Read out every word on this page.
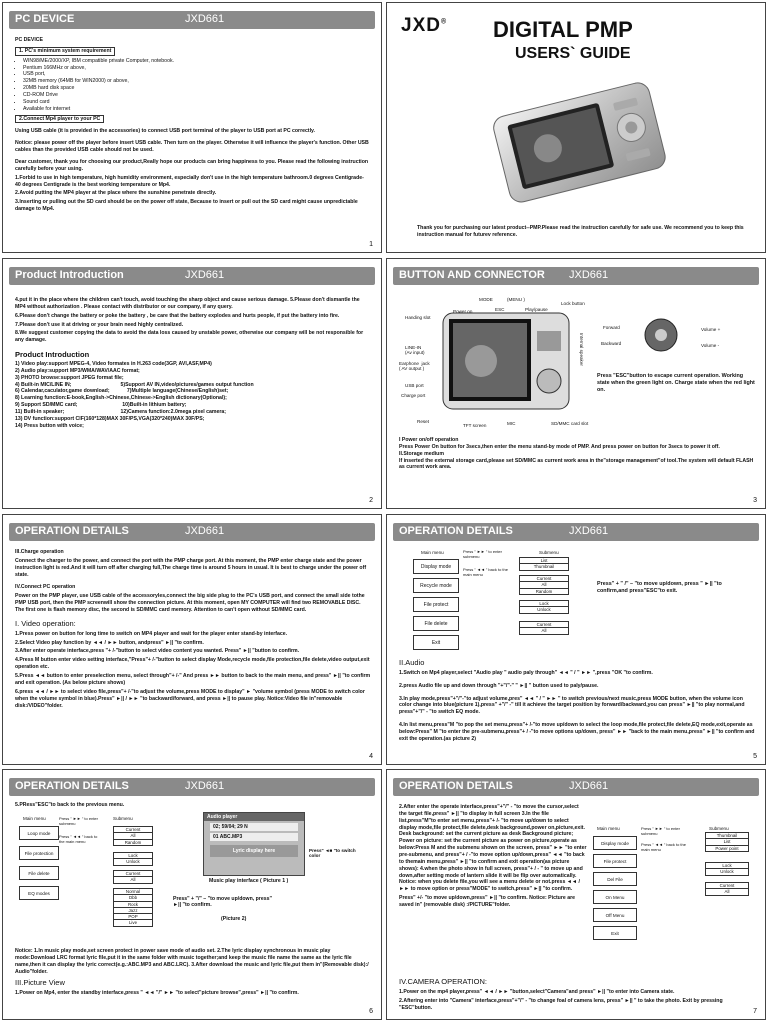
PC DEVICE	JXD661
PC DEVICE
1. PC's minimum system requirement
• WIN98/ME/2000/XP, IBM compatible private Computer, notebook.
• Pentium 166MHz or above,
• USB port,
• 32MB memory (64MB for WIN2000) or above,
• 20MB hard disk space
• CD-ROM Drive
• Sound card
• Available for internet
2.Connect Mp4 player to your PC

Using USB cable (it is provided in the accessories) to connect USB port terminal of the player to USB port at PC correctly.

Notice: please power off the player before insert USB cable. Then turn on the player. Otherwise it will influence the player's function. Other USB cables than the provided USB cable should not be used.

Dear customer, thank you for choosing our product,Really hope our products can bring happiness to you. Please read the following instruction carefully before your using.

1.Forbid to use in high temperature, high humidity environment, especially don't use in the high temperature bathroom.0 degrees Centigrade- 40 degrees Centigrade is the best working temperature or Mp4.

2.Avoid putting the MP4 player at the place where the sunshine penetrate directly.

3.Inserting or pulling out the SD card should be on the power off state, Because to insert or pull out the SD card might cause unpredictable damage to Mp4.

1
JXD® DIGITAL PMP
USERS` GUIDE
Thank you for purchasing our latest product--PMP.Please read the instruction carefully for safe use. We recommend you to keep this instruction manual for futurev reference.
Product Introduction	JXD661

4.put it in the place where the children can't touch, avoid touching the sharp object and cause serious damage. 5.Please don't dismantle the MP4 without authorization . Please contact with distributor or our company, if any query.

6.Please don't change the battery or poke the battery , be care that the battery explodes and hurts people, if put the battery into fire.

7.Please don't use it at driving or your brain need highly centralized.

8.We suggest customer copying the data to avoid the data loss caused by unstable power, otherwise our company will be not responsible for any damage.

Product Introduction
1) Video play:support MPEG-4, Video formates in H.263 code(3GP, AVI,ASF,MP4)
2) Audio play:support MP3/WMA/WAV/AAC format;
3) PHOTO browse:support JPEG format file;
4) Built-in MIC/LINE IN;                                  5)Support AV IN,video/pictures/games output function
6) Calendar,caculator,game download;            7)Multiple language(Chinese/English)set;
8) Learning function:E-book,English->Chinese,Chinese->English dictionary(Optional);
9) Support SD/MMC card;                               10)Built-in lithium battery;
11) Built-in speaker;                                       12)Camera function:2.0mega pixel camera;
13) DV function:support CIF(160*128)MAX 30F/PS,VGA(320*240)MAX 30F/PS;
14) Press button with voice;
2
BUTTON AND CONNECTOR JXD661
MODE	(MENU )
Play/pause
Lock button
ESC
Power on
Handing slot
LINE-IN
(Av input)
Earphone  jack
( AV output )
USB port
Charge port
Reset
TFT screen	MIC	SD/MMC card slot
Internal speaker
Forward
Backward
Volume +
Volume -
Press "ESC"button to escape current operation. Working state when the green light on. Charge state when the red light on.
I Power on/off operation
Press Power On button for 3secs,then enter the menu stand-by mode of PMP. And press power on button for 3secs to power it off.
II.Storage medium
If inserted the external storage card,please set SD/MMC as current work area in the"storage management"of tool.The system will default FLASH as current work area.
3
OPERATION DETAILS	JXD661
III.Charge operation

Connect the charger to the power, and connect the port with the PMP charge port. At this moment, the PMP enter charge state and the power instruction light is red.And it will turn off after charging full,The charge time is around 5 hours in usual. It is best to charge under the power off state.

IV.Connect PC operation

Power on the PMP player, use USB cable of the accessoryles,connect the big side plug to the PC's USB port, and connect the small side tothe PMP USB port, then the PMP screenwill show the connection picture. At this moment, open MY COMPUTER will find two REMOVABLE DISC. The first one is flash memory disc, the second is SD/MMC card memory. Attention to can't open without SD/MMC card.

I. Video operation:

1.Press power on button for long time to switch on MP4 player and wait for the player enter stand-by interface.

2.Select Video play function by ◄◄ / ►► button, andpress" ►|| "to confirm.

3.After enter operate interface,press "+ /-"button to select video content you wanted. Press" ►|| "button to confirm.

4.Press M button enter video setting interface,"Press"+ /-"button to select display Mode,recycle mode,file protection,file delete,video output,exit operation etc.

5.Press ◄◄ button to enter preselection menu, select through"+ /-" And press ►► button to back to the main menu, and press" ►|| "to confirm and exit operation. (As below picture shows)

6.press ◄◄ / ►► to select video file,press"+ /-"to adjust the volume,press MODE to display" ► "volume symbol (press MODE to switch color when the volume symbol in blue).Press" ►|| / ►► "to backward/forward, and press ►|| to pause play. Notice:Video file in"removable disk:/VIDEO"folder.

4
OPERATION DETAILS	JXD661
Main menu	Submenu
Press " ►► " to enter submenu
Press " ◄◄ " back to the main menu
Display mode
Recycle mode
File protect
File delete
Exit
List
Thumbnail
Current
All
Random
Lock
Unlock
Current
All
Press" + " /" – "to move up/down, press " ►|| "to confirm,and press"ESC"to exit.
II.Audio

1.Switch on Mp4 player,select "Audio play " audio paly through" ◄◄ " / " ►► ",press "OK "to confirm.

2.press Audio file up and down through "+"/"-" " ►|| " button used to paly/pause.

3.In play mode,press"+"/"-"to adjust volume,pres" ◄◄ " / " ►► " to switch previous/next music,press MODE button, when the volume icon color change into blue(picture 1),press" +"/" -" till it achieve the target position by forward/backward,you can press" ►|| "to play normal,and press"+"/" - "to switch EQ mode.

4.In list menu,press"M "to pop the set menu,press"+ /-"to move up/down to select the loop mode,file protect,file delete,EQ mode,exit,operate as below:Press" M "to enter the pre-submenu,press"+ / -"to move options up/down, press" ►► "back to the main menu,press" ►|| "to confirm and exit the operation.(as picture 2)

5
OPERATION DETAILS	JXD661
5.PRess"ESC"to back to the previous menu.
Main menu	Submenu
Press " ►► " to enter submenu
Press " ◄◄ " back to the main menu
Loop mode
File protection
File delete
EQ modes
Current
All
Random
Lock
Unlock
Current
All
Normal
Dbb
Rock
Jazz
POP
Live
Audio player
02; 59/04; 29 N
01 ABC.MP3
Lyric display here	Press" ◄■ "to switch color
Music play interface ( Picture 1 )
Press" + "/" – "to move up/down, press" ►|| "to confirm.
(Picture 2)

Notice: 1.In music play mode,set screen protect in power save mode of audio set. 2.The lyric display synchronous in music play mode:Download LRC format lyric file,put it in the same folder with music together;and keep the music file name the same as the lyric file name,then it can display the lyric correct(e.g.:ABC.MP3 and ABC.LRC). 3.After download the music and lyric file,put them in"(Removable disk):/ Audio"folder.

III.Picture View

1.Power on Mp4, enter the standby interface,press " ◄◄ "/" ►► "to select"picture browse",press" ►|| "to confirm.

6
OPERATION DETAILS	JXD661

2.After enter the operate interface,press"+"/" - "to move the cursor,select the target file,press" ►|| "to display in full screen 3.In the file list,press"M"to enter set menu,press"+ /- "to move up/down to select display mode,file protect,file delete,desk background,power on,picture,exit. Desk background: set the current picture as desk Background picture; Power on picture: set the current picture as power on picture,operate as below:Press M and the submenu shown on the screen, press" ►► "to enter pre-submenu, and press"+ / -"to move option up/down,press" ◄◄ "to back to themain menu,press" ►|| "to confirm and exit operation(as picture shows): 4.when the photo show in full screen, press"+ / - " to move up and down,after setting mode of lantern slide it will be flip over automatically. Notice: when you delete file,you will see a menu delete or not.press ◄◄ / ►► to move option or press"MODE" to switch,press" ►|| "to confirm.

Press" +/- "to move up/down,press" ►|| "to confirm. Notice: Picture are saved in" (removable disk) :/PICTURE"folder.

Main menu	Submenu
Press " ►► " to enter submenu
Press " ◄◄ " back to the main menu
Display mode
File protect
Del File
On Menu
Off Menu
Exit
Thumbnail
List
Power point
Lock
Unlock
Current
All
IV.CAMERA OPERATION:

1.Power on the mp4 player,press" ◄◄ / ►► "button,select"Camera"and press" ►|| "to enter into Camera state.

2.Aftering enter into "Camera" interface,press"+"/" - "to change foal of camera lens, press" ►|| " to take the photo. Exit by pressing "ESC"button.

7
